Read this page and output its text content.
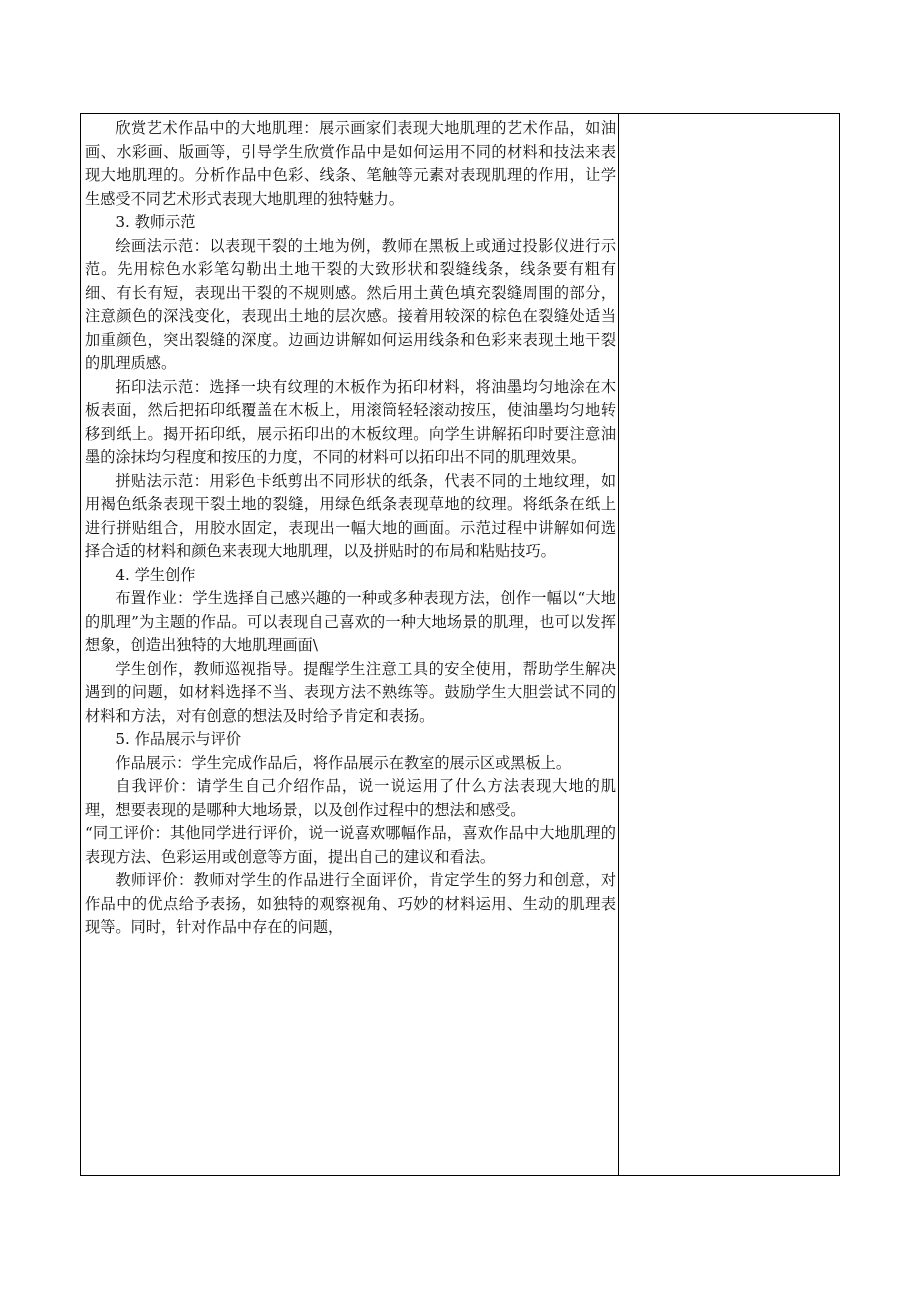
欣赏艺术作品中的大地肌理：展示画家们表现大地肌理的艺术作品，如油画、水彩画、版画等，引导学生欣赏作品中是如何运用不同的材料和技法来表现大地肌理的。分析作品中色彩、线条、笔触等元素对表现肌理的作用，让学生感受不同艺术形式表现大地肌理的独特魅力。

3. 教师示范

绘画法示范：以表现干裂的土地为例，教师在黑板上或通过投影仪进行示范。先用棕色水彩笔勾勒出土地干裂的大致形状和裂缝线条，线条要有粗有细、有长有短，表现出干裂的不规则感。然后用土黄色填充裂缝周围的部分，注意颜色的深浅变化，表现出土地的层次感。接着用较深的棕色在裂缝处适当加重颜色，突出裂缝的深度。边画边讲解如何运用线条和色彩来表现土地干裂的肌理质感。

拓印法示范：选择一块有纹理的木板作为拓印材料，将油墨均匀地涂在木板表面，然后把拓印纸覆盖在木板上，用滚筒轻轻滚动按压，使油墨均匀地转移到纸上。揭开拓印纸，展示拓印出的木板纹理。向学生讲解拓印时要注意油墨的涂抹均匀程度和按压的力度，不同的材料可以拓印出不同的肌理效果。

拼贴法示范：用彩色卡纸剪出不同形状的纸条，代表不同的土地纹理，如用褐色纸条表现干裂土地的裂缝，用绿色纸条表现草地的纹理。将纸条在纸上进行拼贴组合，用胶水固定，表现出一幅大地的画面。示范过程中讲解如何选择合适的材料和颜色来表现大地肌理，以及拼贴时的布局和粘贴技巧。

4. 学生创作

布置作业：学生选择自己感兴趣的一种或多种表现方法，创作一幅以“大地的肌理”为主题的作品。可以表现自己喜欢的一种大地场景的肌理，也可以发挥想象，创造出独特的大地肌理画面\

学生创作，教师巡视指导。提醒学生注意工具的安全使用，帮助学生解决遇到的问题，如材料选择不当、表现方法不熟练等。鼓励学生大胆尝试不同的材料和方法，对有创意的想法及时给予肯定和表扬。

5. 作品展示与评价

作品展示：学生完成作品后，将作品展示在教室的展示区或黑板上。

自我评价：请学生自己介绍作品，说一说运用了什么方法表现大地的肌理，想要表现的是哪种大地场景，以及创作过程中的想法和感受。

“同工评价：其他同学进行评价，说一说喜欢哪幅作品，喜欢作品中大地肌理的表现方法、色彩运用或创意等方面，提出自己的建议和看法。

教师评价：教师对学生的作品进行全面评价，肯定学生的努力和创意，对作品中的优点给予表扬，如独特的观察视角、巧妙的材料运用、生动的肌理表现等。同时，针对作品中存在的问题，
